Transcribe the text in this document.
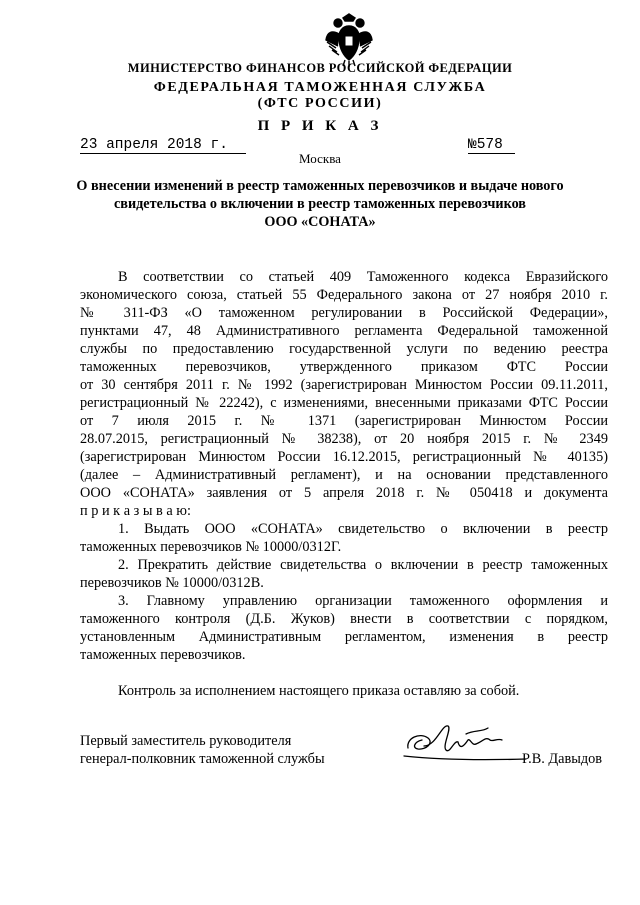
МИНИСТЕРСТВО ФИНАНСОВ РОССИЙСКОЙ ФЕДЕРАЦИИ
ФЕДЕРАЛЬНАЯ ТАМОЖЕННАЯ СЛУЖБА
(ФТС РОССИИ)
П Р И К А З
23 апреля 2018 г.	№578
Москва
О внесении изменений в реестр таможенных перевозчиков и выдаче нового
свидетельства о включении в реестр таможенных перевозчиков
ООО «СОНАТА»
В соответствии со статьей 409 Таможенного кодекса Евразийского
экономического союза, статьей 55 Федерального закона от 27 ноября 2010 г.
№ 311-ФЗ «О таможенном регулировании в Российской Федерации»,
пунктами 47, 48 Административного регламента Федеральной таможенной
службы по предоставлению государственной услуги по ведению реестра
таможенных перевозчиков, утвержденного приказом ФТС России
от 30 сентября 2011 г. № 1992 (зарегистрирован Минюстом России 09.11.2011,
регистрационный № 22242), с изменениями, внесенными приказами ФТС России
от 7 июля 2015 г. № 1371 (зарегистрирован Минюстом России
28.07.2015, регистрационный № 38238), от 20 ноября 2015 г. № 2349
(зарегистрирован Минюстом России 16.12.2015, регистрационный № 40135)
(далее – Административный регламент), и на основании представленного
ООО «СОНАТА» заявления от 5 апреля 2018 г. № 050418 и документа
п р и к а з ы в а ю:
1. Выдать ООО «СОНАТА» свидетельство о включении в реестр
таможенных перевозчиков № 10000/0312Г.
2. Прекратить действие свидетельства о включении в реестр таможенных
перевозчиков № 10000/0312В.
3. Главному управлению организации таможенного оформления и
таможенного контроля (Д.Б. Жуков) внести в соответствии с порядком,
установленным Административным регламентом, изменения в реестр
таможенных перевозчиков.
Контроль за исполнением настоящего приказа оставляю за собой.
Первый заместитель руководителя
генерал-полковник таможенной службы	Р.В. Давыдов
